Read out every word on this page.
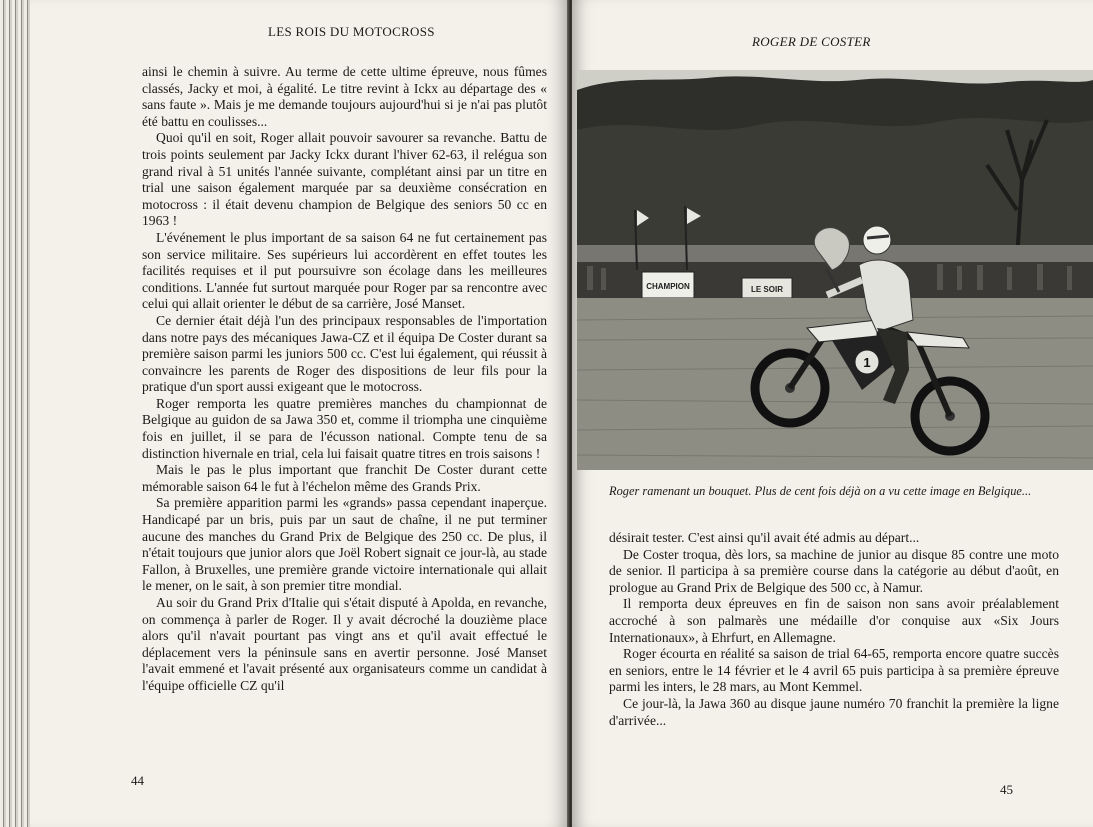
LES ROIS DU MOTOCROSS

ainsi le chemin à suivre. Au terme de cette ultime épreuve, nous fûmes classés, Jacky et moi, à égalité. Le titre revint à Ickx au départage des « sans faute ». Mais je me demande toujours aujourd'hui si je n'ai pas plutôt été battu en coulisses...

Quoi qu'il en soit, Roger allait pouvoir savourer sa revanche. Battu de trois points seulement par Jacky Ickx durant l'hiver 62-63, il relégua son grand rival à 51 unités l'année suivante, complétant ainsi par un titre en trial une saison également marquée par sa deuxième consécration en motocross : il était devenu champion de Belgique des seniors 50 cc en 1963 !

L'événement le plus important de sa saison 64 ne fut certainement pas son service militaire. Ses supérieurs lui accordèrent en effet toutes les facilités requises et il put poursuivre son écolage dans les meilleures conditions. L'année fut surtout marquée pour Roger par sa rencontre avec celui qui allait orienter le début de sa carrière, José Manset.

Ce dernier était déjà l'un des principaux responsables de l'importation dans notre pays des mécaniques Jawa-CZ et il équipa De Coster durant sa première saison parmi les juniors 500 cc. C'est lui également, qui réussit à convaincre les parents de Roger des dispositions de leur fils pour la pratique d'un sport aussi exigeant que le motocross.

Roger remporta les quatre premières manches du championnat de Belgique au guidon de sa Jawa 350 et, comme il triompha une cinquième fois en juillet, il se para de l'écusson national. Compte tenu de sa distinction hivernale en trial, cela lui faisait quatre titres en trois saisons !

Mais le pas le plus important que franchit De Coster durant cette mémorable saison 64 le fut à l'échelon même des Grands Prix.

Sa première apparition parmi les «grands» passa cependant inaperçue. Handicapé par un bris, puis par un saut de chaîne, il ne put terminer aucune des manches du Grand Prix de Belgique des 250 cc. De plus, il n'était toujours que junior alors que Joël Robert signait ce jour-là, au stade Fallon, à Bruxelles, une première grande victoire internationale qui allait le mener, on le sait, à son premier titre mondial.

Au soir du Grand Prix d'Italie qui s'était disputé à Apolda, en revanche, on commença à parler de Roger. Il y avait décroché la douzième place alors qu'il n'avait pourtant pas vingt ans et qu'il avait effectué le déplacement vers la péninsule sans en avertir personne. José Manset l'avait emmené et l'avait présenté aux organisateurs comme un candidat à l'équipe officielle CZ qu'il

44
ROGER DE COSTER
CHAMPION	LE SOIR
1
Roger ramenant un bouquet. Plus de cent fois déjà on a vu cette image en Belgique...

désirait tester. C'est ainsi qu'il avait été admis au départ...

De Coster troqua, dès lors, sa machine de junior au disque 85 contre une moto de senior. Il participa à sa première course dans la catégorie au début d'août, en prologue au Grand Prix de Belgique des 500 cc, à Namur.

Il remporta deux épreuves en fin de saison non sans avoir préalablement accroché à son palmarès une médaille d'or conquise aux «Six Jours Internationaux», à Ehrfurt, en Allemagne.

Roger écourta en réalité sa saison de trial 64-65, remporta encore quatre succès en seniors, entre le 14 février et le 4 avril 65 puis participa à sa première épreuve parmi les inters, le 28 mars, au Mont Kemmel.

Ce jour-là, la Jawa 360 au disque jaune numéro 70 franchit la première la ligne d'arrivée...

45
